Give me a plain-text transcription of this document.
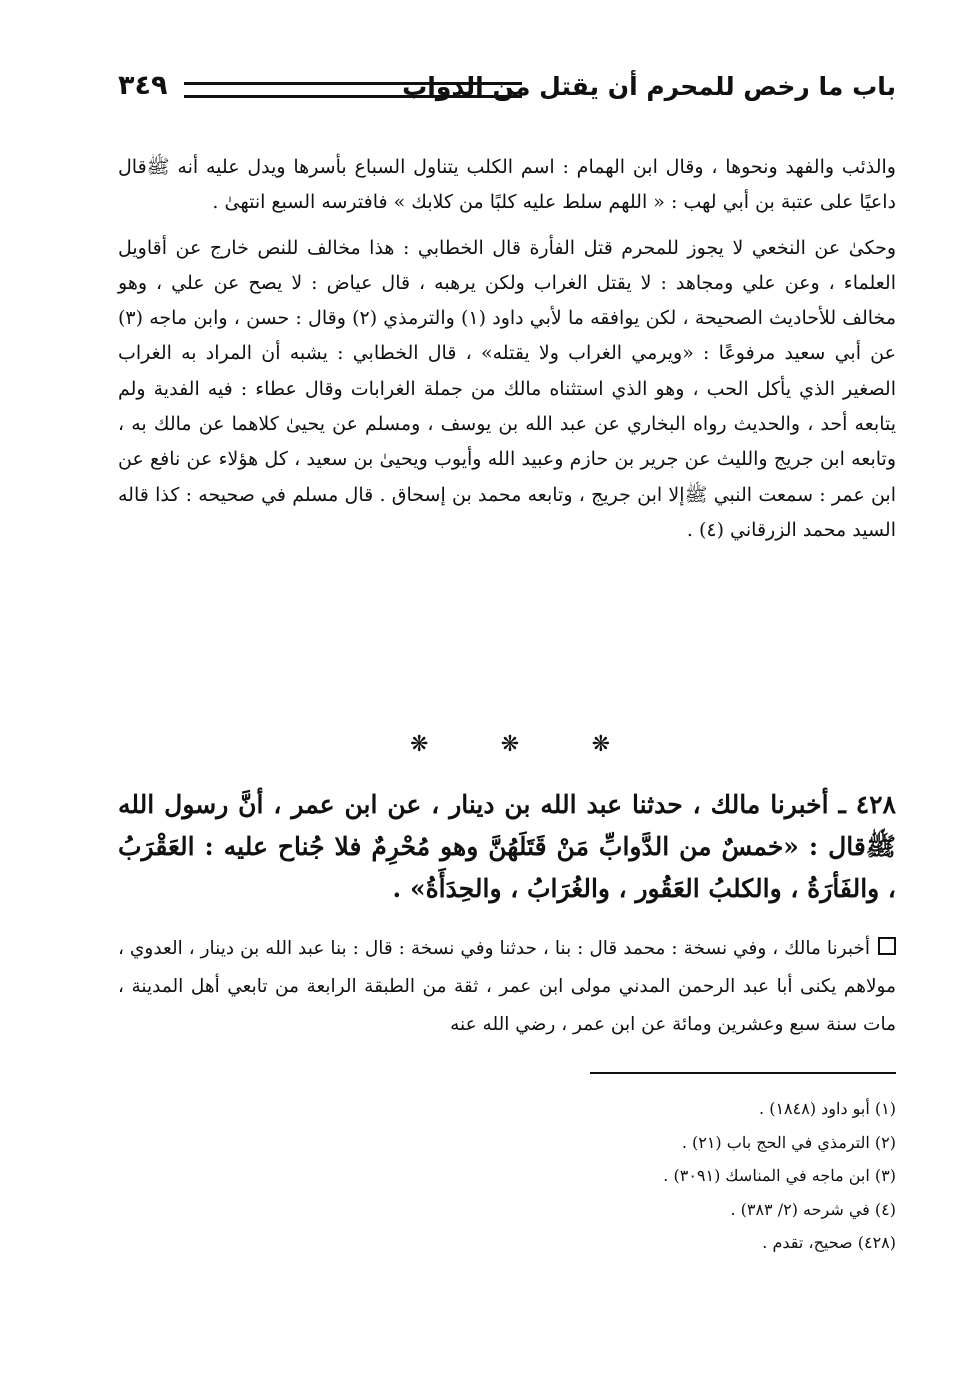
باب ما رخص للمحرم أن يقتل من الدواب
٣٤٩

والذئب والفهد ونحوها ، وقال ابن الهمام : اسم الكلب يتناول السباع بأسرها ويدل عليه أنه ﷺقال داعيًا على عتبة بن أبي لهب : « اللهم سلط عليه كلبًا من كلابك » فافترسه السبع انتهىٰ .

وحكىٰ عن النخعي لا يجوز للمحرم قتل الفأرة قال الخطابي : هذا مخالف للنص خارج عن أقاويل العلماء ، وعن علي ومجاهد : لا يقتل الغراب ولكن يرهبه ، قال عياض : لا يصح عن علي ، وهو مخالف للأحاديث الصحيحة ، لكن يوافقه ما لأبي داود (١) والترمذي (٢) وقال : حسن ، وابن ماجه (٣) عن أبي سعيد مرفوعًا : «ويرمي الغراب ولا يقتله» ، قال الخطابي : يشبه أن المراد به الغراب الصغير الذي يأكل الحب ، وهو الذي استثناه مالك من جملة الغرابات وقال عطاء : فيه الفدية ولم يتابعه أحد ، والحديث رواه البخاري عن عبد الله بن يوسف ، ومسلم عن يحيىٰ كلاهما عن مالك به ، وتابعه ابن جريج والليث عن جرير بن حازم وعبيد الله وأيوب ويحيىٰ بن سعيد ، كل هؤلاء عن نافع عن ابن عمر : سمعت النبي ﷺإلا ابن جريج ، وتابعه محمد بن إسحاق . قال مسلم في صحيحه : كذا قاله السيد محمد الزرقاني (٤) .

❋
❋
❋
٤٢٨ ـ أخبرنا مالك ، حدثنا عبد الله بن دينار ، عن ابن عمر ، أنَّ رسول الله ﷺقال : «خمسٌ من الدَّوابِّ مَنْ قَتَلَهُنَّ وهو مُحْرِمٌ فلا جُناح عليه : العَقْرَبُ ، والفَأرَةُ ، والكلبُ العَقُور ، والغُرَابُ ، والحِدَأَةُ» .
أخبرنا مالك ، وفي نسخة : محمد قال : بنا ، حدثنا وفي نسخة : قال : بنا عبد الله بن دينار ، العدوي ، مولاهم يكنى أبا عبد الرحمن المدني مولى ابن عمر ، ثقة من الطبقة الرابعة من تابعي أهل المدينة ، مات سنة سبع وعشرين ومائة عن ابن عمر ، رضي الله عنه
(١) أبو داود (١٨٤٨) .
(٢) الترمذي في الحج باب (٢١) .
(٣) ابن ماجه في المناسك (٣٠٩١) .
(٤) في شرحه (٢/ ٣٨٣) .
(٤٢٨) صحيح، تقدم .
